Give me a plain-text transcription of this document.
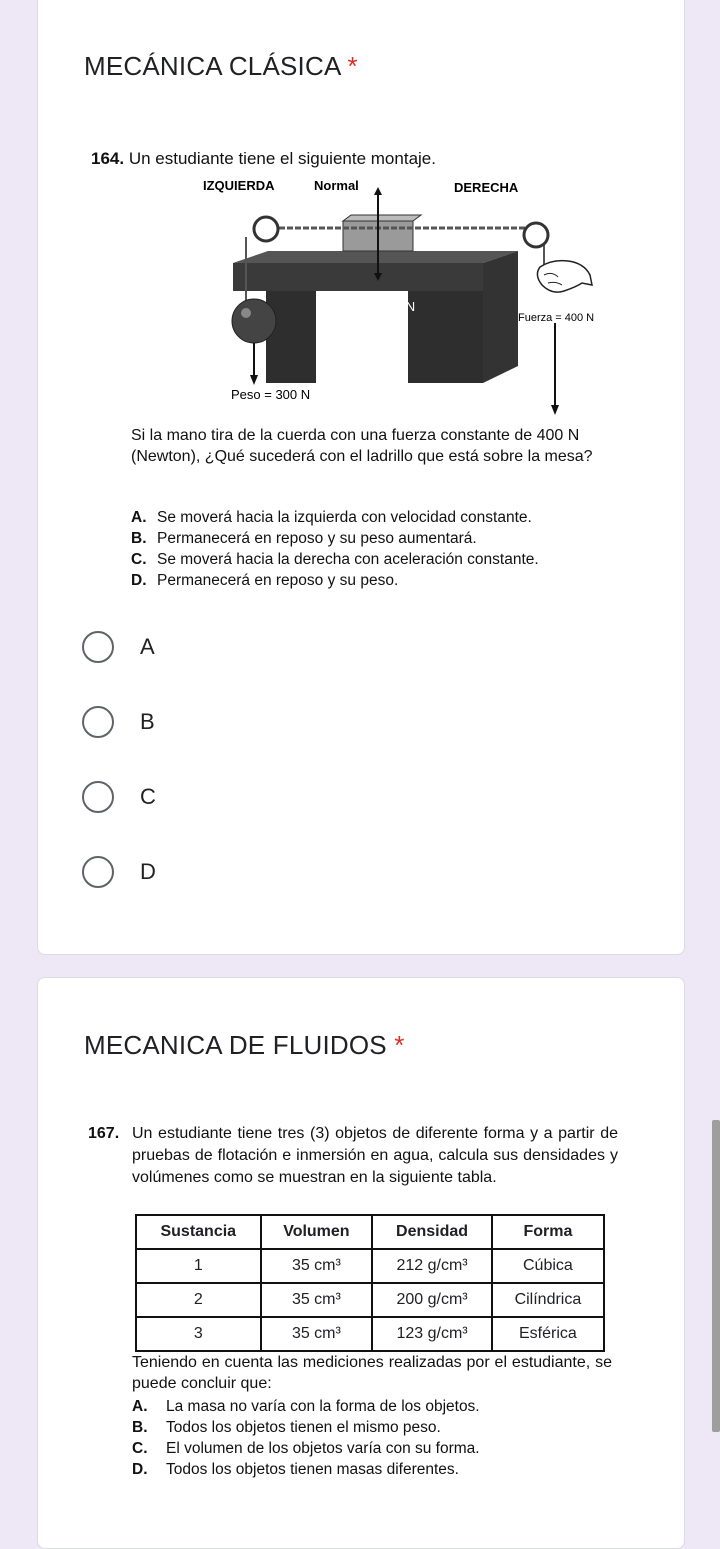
MECÁNICA CLÁSICA *
164. Un estudiante tiene el siguiente montaje.
IZQUIERDA	Normal	DERECHA
Sin fricción
Peso = 200 N
Fuerza = 400 N
Peso = 300 N
Si la mano tira de la cuerda con una fuerza constante de 400 N (Newton), ¿Qué sucederá con el ladrillo que está sobre la mesa?
A. Se moverá hacia la izquierda con velocidad constante.
B. Permanecerá en reposo y su peso aumentará.
C. Se moverá hacia la derecha con aceleración constante.
D. Permanecerá en reposo y su peso.
A
B
C
D
MECANICA DE FLUIDOS *
167. Un estudiante tiene tres (3) objetos de diferente forma y a partir de pruebas de flotación e inmersión en agua, calcula sus densidades y volúmenes como se muestran en la siguiente tabla.
Sustancia	Volumen	Densidad	Forma
1	35 cm³	212 g/cm³	Cúbica
2	35 cm³	200 g/cm³	Cilíndrica
3	35 cm³	123 g/cm³	Esférica
Teniendo en cuenta las mediciones realizadas por el estudiante, se puede concluir que:
A. La masa no varía con la forma de los objetos.
B. Todos los objetos tienen el mismo peso.
C. El volumen de los objetos varía con su forma.
D. Todos los objetos tienen masas diferentes.
